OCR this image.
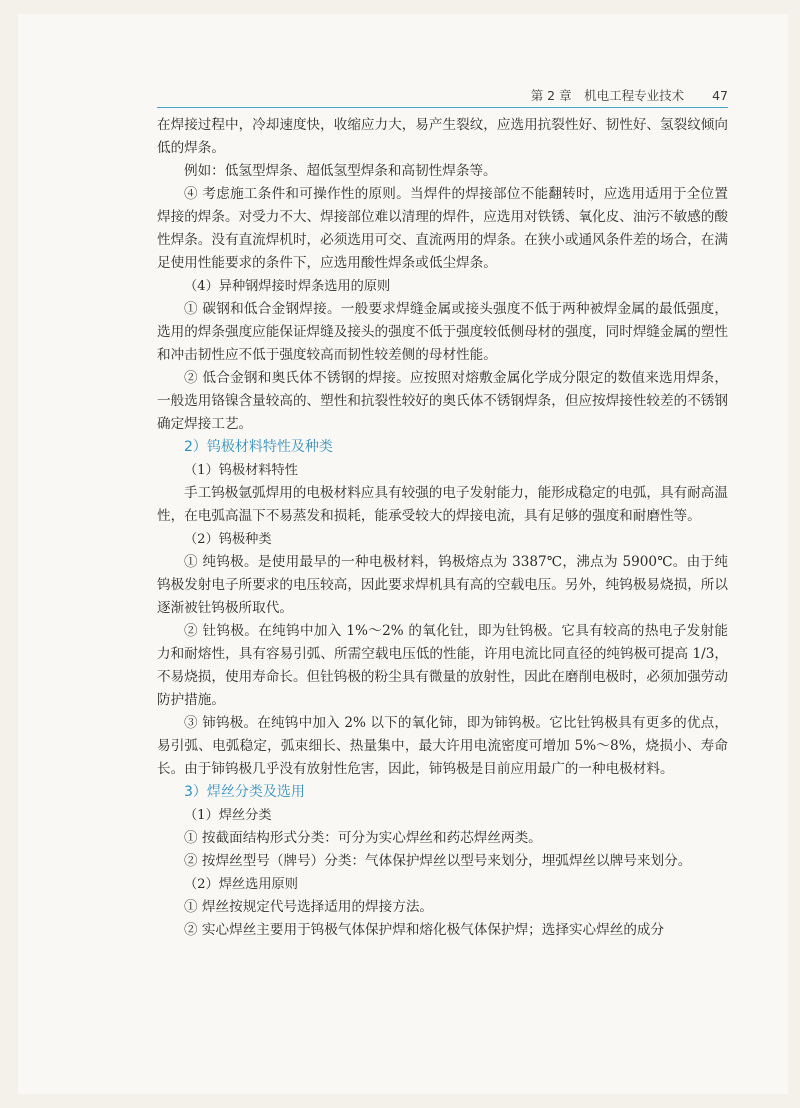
第 2 章　机电工程专业技术 47

在焊接过程中，冷却速度快，收缩应力大，易产生裂纹，应选用抗裂性好、韧性好、氢裂纹倾向低的焊条。

例如：低氢型焊条、超低氢型焊条和高韧性焊条等。

④ 考虑施工条件和可操作性的原则。当焊件的焊接部位不能翻转时，应选用适用于全位置焊接的焊条。对受力不大、焊接部位难以清理的焊件，应选用对铁锈、氧化皮、油污不敏感的酸性焊条。没有直流焊机时，必须选用可交、直流两用的焊条。在狭小或通风条件差的场合，在满足使用性能要求的条件下，应选用酸性焊条或低尘焊条。

（4）异种钢焊接时焊条选用的原则

① 碳钢和低合金钢焊接。一般要求焊缝金属或接头强度不低于两种被焊金属的最低强度，选用的焊条强度应能保证焊缝及接头的强度不低于强度较低侧母材的强度，同时焊缝金属的塑性和冲击韧性应不低于强度较高而韧性较差侧的母材性能。

② 低合金钢和奥氏体不锈钢的焊接。应按照对熔敷金属化学成分限定的数值来选用焊条，一般选用铬镍含量较高的、塑性和抗裂性较好的奥氏体不锈钢焊条，但应按焊接性较差的不锈钢确定焊接工艺。

2）钨极材料特性及种类

（1）钨极材料特性

手工钨极氩弧焊用的电极材料应具有较强的电子发射能力，能形成稳定的电弧，具有耐高温性，在电弧高温下不易蒸发和损耗，能承受较大的焊接电流，具有足够的强度和耐磨性等。

（2）钨极种类

① 纯钨极。是使用最早的一种电极材料，钨极熔点为 3387℃，沸点为 5900℃。由于纯钨极发射电子所要求的电压较高，因此要求焊机具有高的空载电压。另外，纯钨极易烧损，所以逐渐被钍钨极所取代。

② 钍钨极。在纯钨中加入 1%～2% 的氧化钍，即为钍钨极。它具有较高的热电子发射能力和耐熔性，具有容易引弧、所需空载电压低的性能，许用电流比同直径的纯钨极可提高 1/3，不易烧损，使用寿命长。但钍钨极的粉尘具有微量的放射性，因此在磨削电极时，必须加强劳动防护措施。

③ 铈钨极。在纯钨中加入 2% 以下的氧化铈，即为铈钨极。它比钍钨极具有更多的优点，易引弧、电弧稳定，弧束细长、热量集中，最大许用电流密度可增加 5%～8%，烧损小、寿命长。由于铈钨极几乎没有放射性危害，因此，铈钨极是目前应用最广的一种电极材料。

3）焊丝分类及选用

（1）焊丝分类

① 按截面结构形式分类：可分为实心焊丝和药芯焊丝两类。

② 按焊丝型号（牌号）分类：气体保护焊丝以型号来划分，埋弧焊丝以牌号来划分。

（2）焊丝选用原则

① 焊丝按规定代号选择适用的焊接方法。

② 实心焊丝主要用于钨极气体保护焊和熔化极气体保护焊；选择实心焊丝的成分
